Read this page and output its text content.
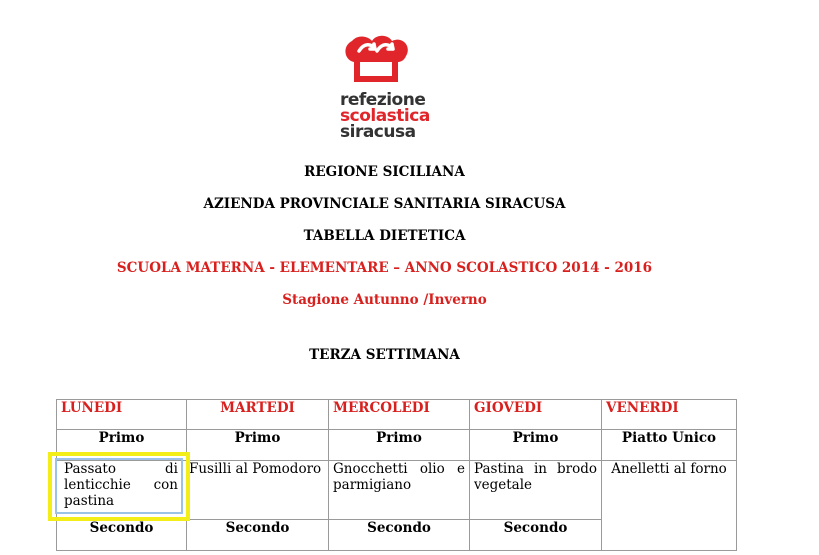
refezione
scolastica
siracusa
REGIONE SICILIANA
AZIENDA PROVINCIALE SANITARIA SIRACUSA
TABELLA DIETETICA
SCUOLA MATERNA - ELEMENTARE – ANNO SCOLASTICO 2014 - 2016
Stagione Autunno /Inverno
TERZA SETTIMANA
LUNEDI	MARTEDI	MERCOLEDI	GIOVEDI	VENERDI
Primo	Primo	Primo	Primo	Piatto Unico
Passato di lenticchie con pastina	Fusilli al Pomodoro	Gnocchetti olio e parmigiano	Pastina in brodo vegetale	Anelletti al forno
Secondo	Secondo	Secondo	Secondo	
